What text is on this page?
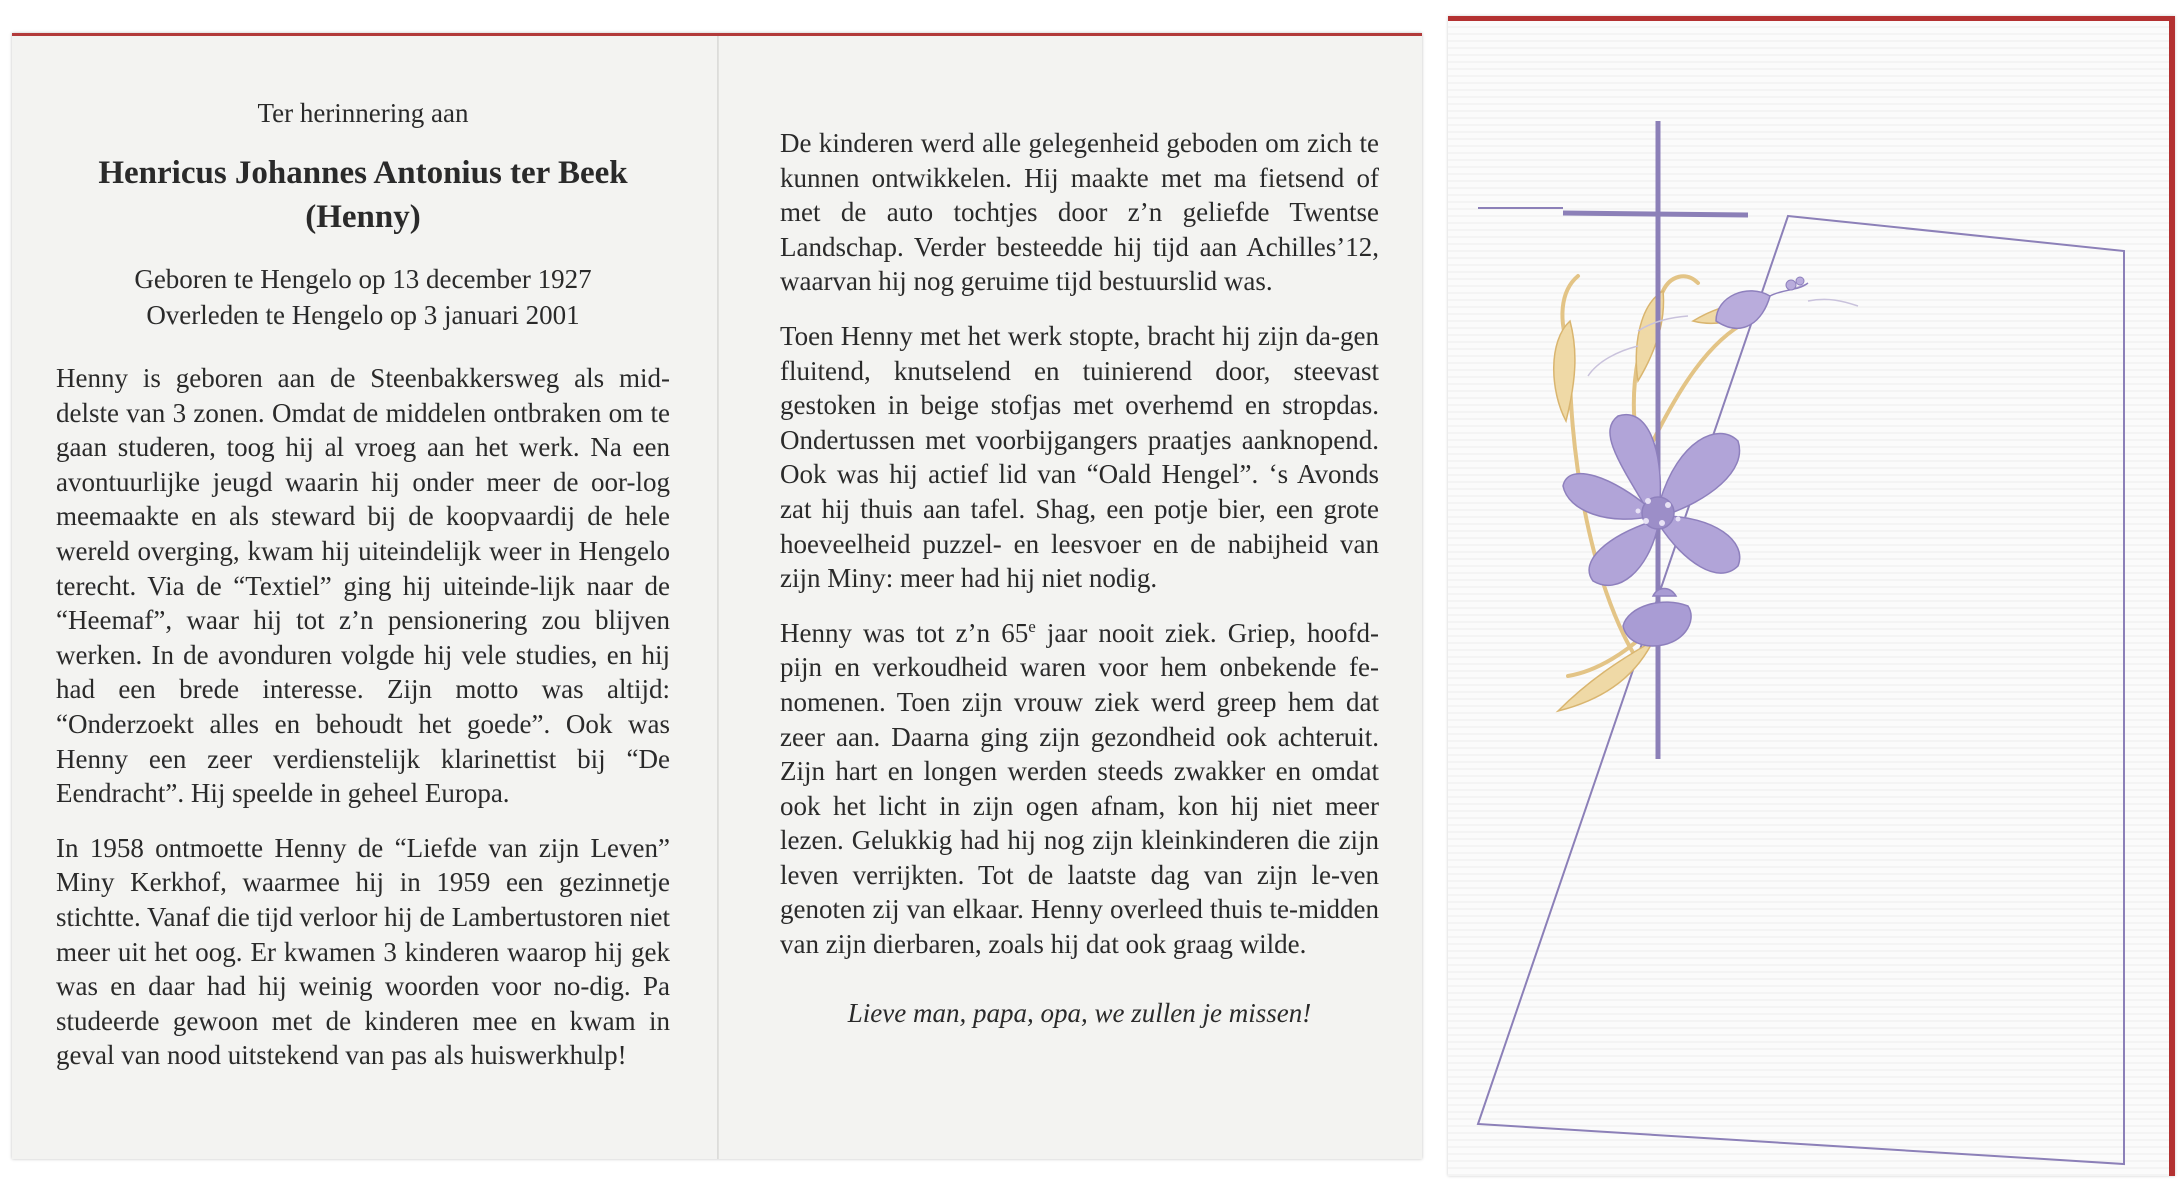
Ter herinnering aan

Henricus Johannes Antonius ter Beek
(Henny)
Geboren te Hengelo op 13 december 1927
Overleden te Hengelo op 3 januari 2001

Henny is geboren aan de Steenbakkersweg als mid-delste van 3 zonen. Omdat de middelen ontbraken om te gaan studeren, toog hij al vroeg aan het werk. Na een avontuurlijke jeugd waarin hij onder meer de oor-log meemaakte en als steward bij de koopvaardij de hele wereld overging, kwam hij uiteindelijk weer in Hengelo terecht. Via de “Textiel” ging hij uiteinde-lijk naar de “Heemaf”, waar hij tot z’n pensionering zou blijven werken. In de avonduren volgde hij vele studies, en hij had een brede interesse. Zijn motto was altijd: “Onderzoekt alles en behoudt het goede”. Ook was Henny een zeer verdienstelijk klarinettist bij “De Eendracht”. Hij speelde in geheel Europa.

In 1958 ontmoette Henny de “Liefde van zijn Leven” Miny Kerkhof, waarmee hij in 1959 een gezinnetje stichtte. Vanaf die tijd verloor hij de Lambertustoren niet meer uit het oog. Er kwamen 3 kinderen waarop hij gek was en daar had hij weinig woorden voor no-dig. Pa studeerde gewoon met de kinderen mee en kwam in geval van nood uitstekend van pas als huiswerkhulp!

De kinderen werd alle gelegenheid geboden om zich te kunnen ontwikkelen. Hij maakte met ma fietsend of met de auto tochtjes door z’n geliefde Twentse Landschap. Verder besteedde hij tijd aan Achilles’12, waarvan hij nog geruime tijd bestuurslid was.

Toen Henny met het werk stopte, bracht hij zijn da-gen fluitend, knutselend en tuinierend door, steevast gestoken in beige stofjas met overhemd en stropdas. Ondertussen met voorbijgangers praatjes aanknopend. Ook was hij actief lid van “Oald Hengel”. ‘s Avonds zat hij thuis aan tafel. Shag, een potje bier, een grote hoeveelheid puzzel- en leesvoer en de nabijheid van zijn Miny: meer had hij niet nodig.

Henny was tot z’n 65e jaar nooit ziek. Griep, hoofd-pijn en verkoudheid waren voor hem onbekende fe-nomenen. Toen zijn vrouw ziek werd greep hem dat zeer aan. Daarna ging zijn gezondheid ook achteruit. Zijn hart en longen werden steeds zwakker en omdat ook het licht in zijn ogen afnam, kon hij niet meer lezen. Gelukkig had hij nog zijn kleinkinderen die zijn leven verrijkten. Tot de laatste dag van zijn le-ven genoten zij van elkaar. Henny overleed thuis te-midden van zijn dierbaren, zoals hij dat ook graag wilde.

Lieve man, papa, opa, we zullen je missen!
